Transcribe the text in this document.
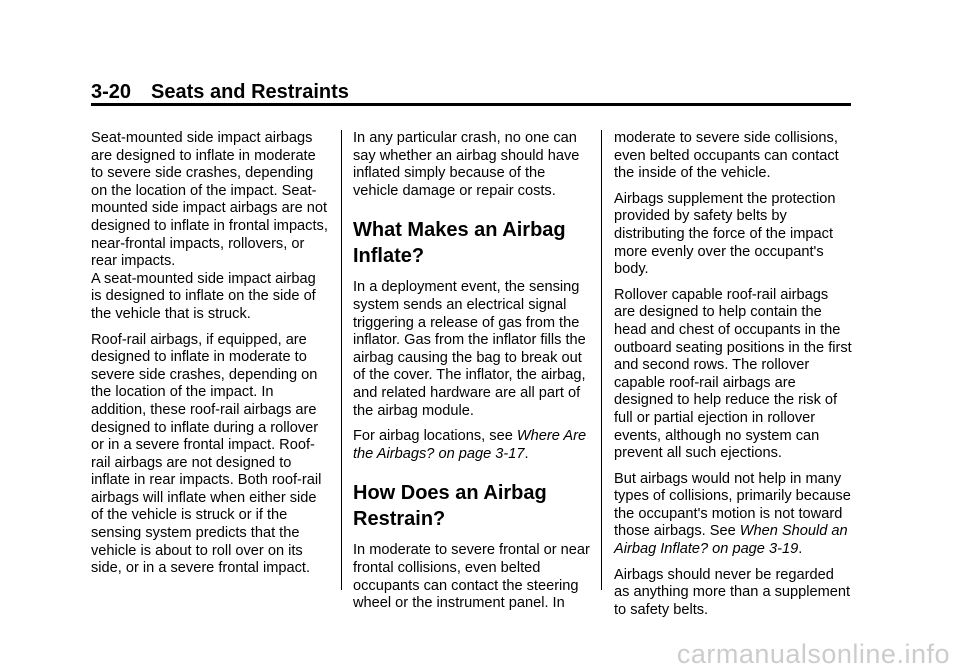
3-20 Seats and Restraints

Seat-mounted side impact airbags are designed to inflate in moderate to severe side crashes, depending on the location of the impact. Seat-mounted side impact airbags are not designed to inflate in frontal impacts, near-frontal impacts, rollovers, or rear impacts.

A seat-mounted side impact airbag is designed to inflate on the side of the vehicle that is struck.

Roof-rail airbags, if equipped, are designed to inflate in moderate to severe side crashes, depending on the location of the impact. In addition, these roof-rail airbags are designed to inflate during a rollover or in a severe frontal impact. Roof-rail airbags are not designed to inflate in rear impacts. Both roof-rail airbags will inflate when either side of the vehicle is struck or if the sensing system predicts that the vehicle is about to roll over on its side, or in a severe frontal impact.

In any particular crash, no one can say whether an airbag should have inflated simply because of the vehicle damage or repair costs.

What Makes an Airbag Inflate?

In a deployment event, the sensing system sends an electrical signal triggering a release of gas from the inflator. Gas from the inflator fills the airbag causing the bag to break out of the cover. The inflator, the airbag, and related hardware are all part of the airbag module.

For airbag locations, see Where Are the Airbags? on page 3-17.

How Does an Airbag Restrain?

In moderate to severe frontal or near frontal collisions, even belted occupants can contact the steering wheel or the instrument panel. In

moderate to severe side collisions, even belted occupants can contact the inside of the vehicle.

Airbags supplement the protection provided by safety belts by distributing the force of the impact more evenly over the occupant's body.

Rollover capable roof-rail airbags are designed to help contain the head and chest of occupants in the outboard seating positions in the first and second rows. The rollover capable roof-rail airbags are designed to help reduce the risk of full or partial ejection in rollover events, although no system can prevent all such ejections.

But airbags would not help in many types of collisions, primarily because the occupant's motion is not toward those airbags. See When Should an Airbag Inflate? on page 3-19.

Airbags should never be regarded as anything more than a supplement to safety belts.

carmanualsonline.info
